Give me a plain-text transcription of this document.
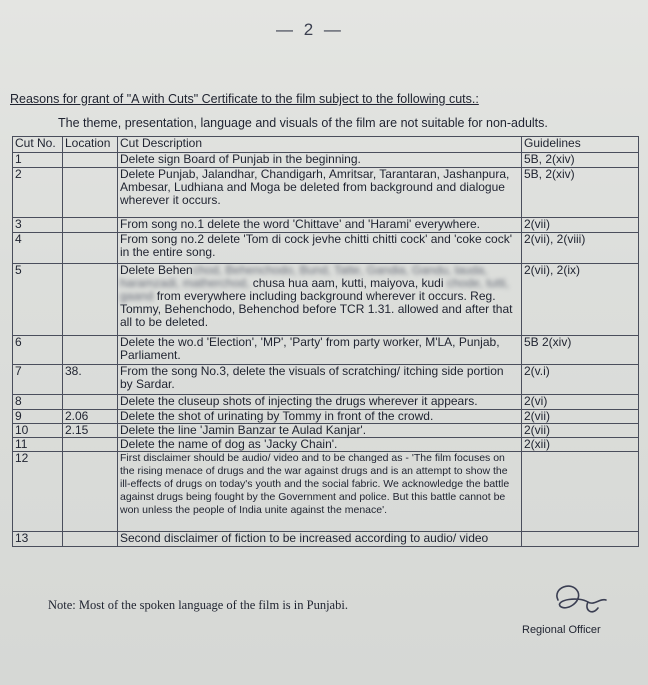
— 2 —
Reasons for grant of "A with Cuts" Certificate to the film subject to the following cuts.:
The theme, presentation, language and visuals of the film are not suitable for non-adults.
Cut No.	Location	Cut Description	Guidelines
1		Delete sign Board of Punjab in the beginning.	5B, 2(xiv)
2		Delete Punjab, Jalandhar, Chandigarh, Amritsar, Tarantaran, Jashanpura, Ambesar, Ludhiana and Moga be deleted from background and dialogue wherever it occurs.	5B, 2(xiv)
3		From song no.1 delete the word 'Chittave' and 'Harami' everywhere.	2(vii)
4		From song no.2 delete 'Tom di cock jevhe chitti chitti cock' and 'coke cock' in the entire song.	2(vii), 2(viii)
5		Delete Behenchod, Behenchodo, Bund, Tatte, Gandia, Gandu, lauda, haramzadi, matherchod, chusa hua aam, kutti, maiyova, kudi chode, tutti, gaand from everywhere including background wherever it occurs. Reg. Tommy, Behenchodo, Behenchod before TCR 1.31. allowed and after that all to be deleted.	2(vii), 2(ix)
6		Delete the wo.d 'Election', 'MP', 'Party' from party worker, M'LA, Punjab, Parliament.	5B 2(xiv)
7	38.	From the song No.3, delete the visuals of scratching/ itching side portion by Sardar.	2(v.i)
8		Delete the cluseup shots of injecting the drugs wherever it appears.	2(vi)
9	2.06	Delete the shot of urinating by Tommy in front of the crowd.	2(vii)
10	2.15	Delete the line 'Jamin Banzar te Aulad Kanjar'.	2(vii)
11		Delete the name of dog as 'Jacky Chain'.	2(xii)
12		First disclaimer should be audio/ video and to be changed as - 'The film focuses on the rising menace of drugs and the war against drugs and is an attempt to show the ill-effects of drugs on today's youth and the social fabric. We acknowledge the battle against drugs being fought by the Government and police. But this battle cannot be won unless the people of India unite against the menace'.	
13		Second disclaimer of fiction to be increased according to audio/ video	
Note: Most of the spoken language of the film is in Punjabi.
Regional Officer
